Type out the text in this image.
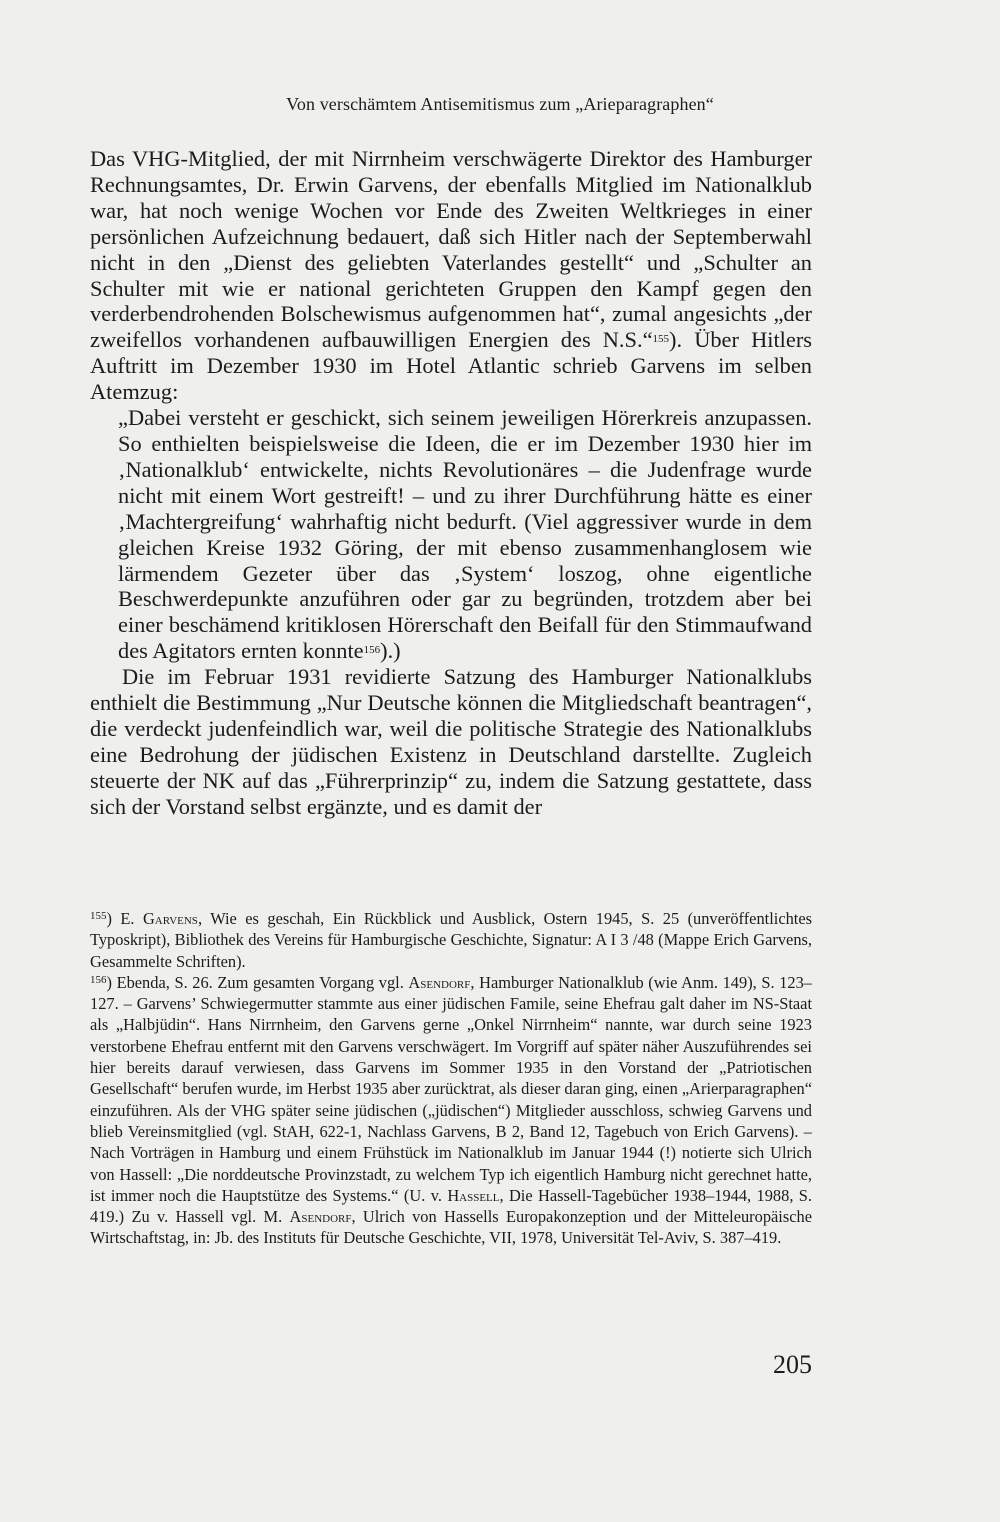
Von verschämtem Antisemitismus zum „Arieparagraphen“

Das VHG-Mitglied, der mit Nirrnheim verschwägerte Direktor des Hamburger Rechnungsamtes, Dr. Erwin Garvens, der ebenfalls Mitglied im Nationalklub war, hat noch wenige Wochen vor Ende des Zweiten Weltkrieges in einer persönlichen Aufzeichnung bedauert, daß sich Hitler nach der Septemberwahl nicht in den „Dienst des geliebten Vaterlandes gestellt“ und „Schulter an Schulter mit wie er national gerichteten Gruppen den Kampf gegen den verderbendrohenden Bolschewismus aufgenommen hat“, zumal angesichts „der zweifellos vorhandenen aufbauwilligen Energien des N.S.“$^{155}$). Über Hitlers Auftritt im Dezember 1930 im Hotel Atlantic schrieb Garvens im selben Atemzug:

„Dabei versteht er geschickt, sich seinem jeweiligen Hörerkreis anzupassen. So enthielten beispielsweise die Ideen, die er im Dezember 1930 hier im ‚Nationalklub‘ entwickelte, nichts Revolutionäres – die Judenfrage wurde nicht mit einem Wort gestreift! – und zu ihrer Durchführung hätte es einer ‚Machtergreifung‘ wahrhaftig nicht bedurft. (Viel aggressiver wurde in dem gleichen Kreise 1932 Göring, der mit ebenso zusammenhanglosem wie lärmendem Gezeter über das ‚System‘ loszog, ohne eigentliche Beschwerdepunkte anzuführen oder gar zu begründen, trotzdem aber bei einer beschämend kritiklosen Hörerschaft den Beifall für den Stimmaufwand des Agitators ernten konnte$^{156}$).)

Die im Februar 1931 revidierte Satzung des Hamburger Nationalklubs enthielt die Bestimmung „Nur Deutsche können die Mitgliedschaft beantragen“, die verdeckt judenfeindlich war, weil die politische Strategie des Nationalklubs eine Bedrohung der jüdischen Existenz in Deutschland darstellte. Zugleich steuerte der NK auf das „Führerprinzip“ zu, indem die Satzung gestattete, dass sich der Vorstand selbst ergänzte, und es damit der

$^{155}$) E. Garvens, Wie es geschah, Ein Rückblick und Ausblick, Ostern 1945, S. 25 (unveröffentlichtes Typoskript), Bibliothek des Vereins für Hamburgische Geschichte, Signatur: A I 3 /48 (Mappe Erich Garvens, Gesammelte Schriften).

$^{156}$) Ebenda, S. 26. Zum gesamten Vorgang vgl. Asendorf, Hamburger Nationalklub (wie Anm. 149), S. 123–127. – Garvens’ Schwiegermutter stammte aus einer jüdischen Famile, seine Ehefrau galt daher im NS-Staat als „Halbjüdin“. Hans Nirrnheim, den Garvens gerne „Onkel Nirrnheim“ nannte, war durch seine 1923 verstorbene Ehefrau entfernt mit den Garvens verschwägert. Im Vorgriff auf später näher Auszuführendes sei hier bereits darauf verwiesen, dass Garvens im Sommer 1935 in den Vorstand der „Patriotischen Gesellschaft“ berufen wurde, im Herbst 1935 aber zurücktrat, als dieser daran ging, einen „Arierparagraphen“ einzuführen. Als der VHG später seine jüdischen („jüdischen“) Mitglieder ausschloss, schwieg Garvens und blieb Vereinsmitglied (vgl. StAH, 622-1, Nachlass Garvens, B 2, Band 12, Tagebuch von Erich Garvens). – Nach Vorträgen in Hamburg und einem Frühstück im Nationalklub im Januar 1944 (!) notierte sich Ulrich von Hassell: „Die norddeutsche Provinzstadt, zu welchem Typ ich eigentlich Hamburg nicht gerechnet hatte, ist immer noch die Hauptstütze des Systems.“ (U. v. Hassell, Die Hassell-Tagebücher 1938–1944, 1988, S. 419.) Zu v. Hassell vgl. M. Asendorf, Ulrich von Hassells Europakonzeption und der Mitteleuropäische Wirtschaftstag, in: Jb. des Instituts für Deutsche Geschichte, VII, 1978, Universität Tel-Aviv, S. 387–419.

205
